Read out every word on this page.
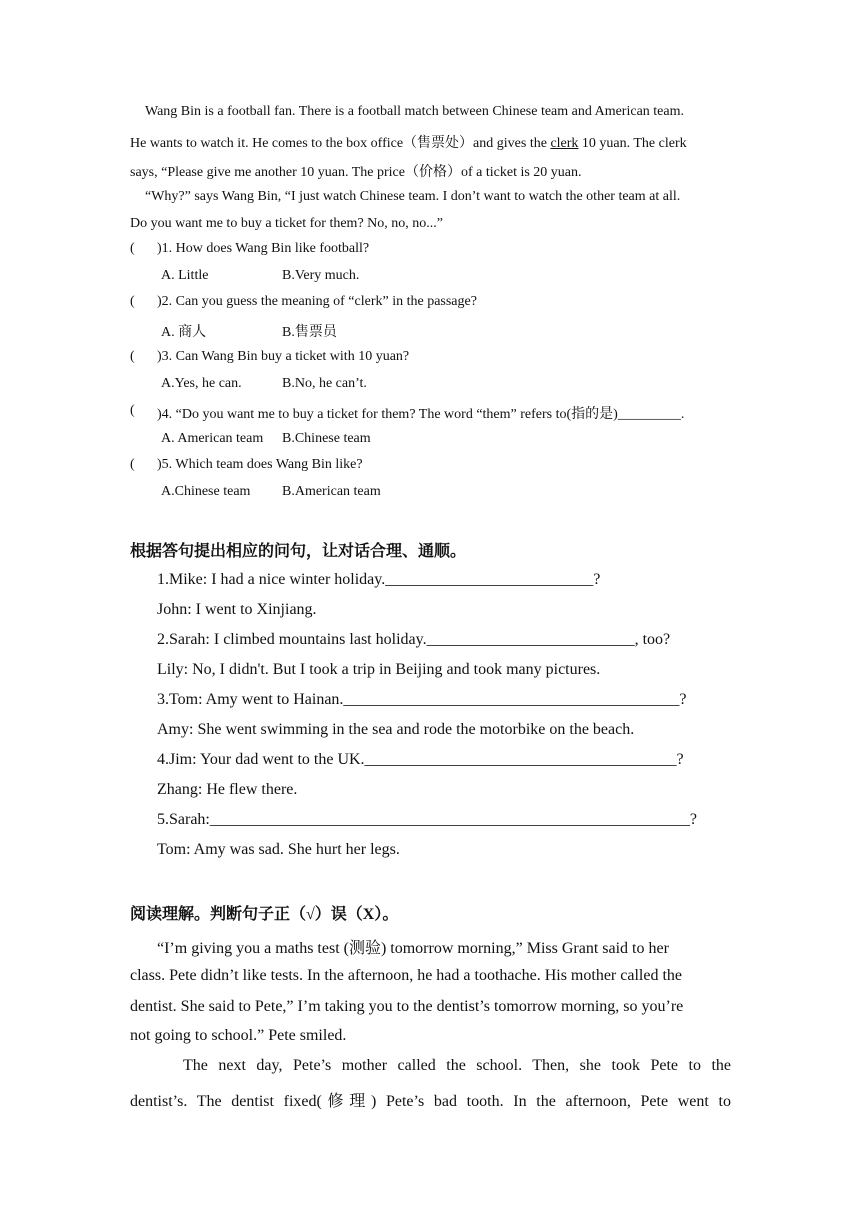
Wang Bin is a football fan. There is a football match between Chinese team and American team.
He wants to watch it. He comes to the box office（售票处）and gives the clerk 10 yuan. The clerk
says, “Please give me another 10 yuan. The price（价格）of a ticket is 20 yuan.
“Why?” says Wang Bin, “I just watch Chinese team. I don’t want to watch the other team at all.
Do you want me to buy a ticket for them? No, no, no...”
( )1. How does Wang Bin like football?
A. Little	B.Very much.
( )2. Can you guess the meaning of “clerk” in the passage?
A. 商人	B.售票员
( )3. Can Wang Bin buy a ticket with 10 yuan?
A.Yes, he can.	B.No, he can’t.
( )4. “Do you want me to buy a ticket for them? The word “them” refers to(指的是)_________.
A. American team B.Chinese team
( )5. Which team does Wang Bin like?
A.Chinese team B.American team
根据答句提出相应的问句，让对话合理、通顺。
1.Mike: I had a nice winter holiday.__________________________?
John: I went to Xinjiang.
2.Sarah: I climbed mountains last holiday.__________________________, too?
Lily: No, I didn't. But I took a trip in Beijing and took many pictures.
3.Tom: Amy went to Hainan.__________________________________________?
Amy: She went swimming in the sea and rode the motorbike on the beach.
4.Jim: Your dad went to the UK._______________________________________?
Zhang: He flew there.
5.Sarah:____________________________________________________________?
Tom: Amy was sad. She hurt her legs.
阅读理解。判断句子正（√）误（X）。
“I’m giving you a maths test (测验) tomorrow morning,” Miss Grant said to her
class. Pete didn’t like tests. In the afternoon, he had a toothache. His mother called the
dentist. She said to Pete,” I’m taking you to the dentist’s tomorrow morning, so you’re
not going to school.” Pete smiled.
The next day, Pete’s mother called the school. Then, she took Pete to the
dentist’s. The dentist fixed(修理) Pete’s bad tooth. In the afternoon, Pete went to
